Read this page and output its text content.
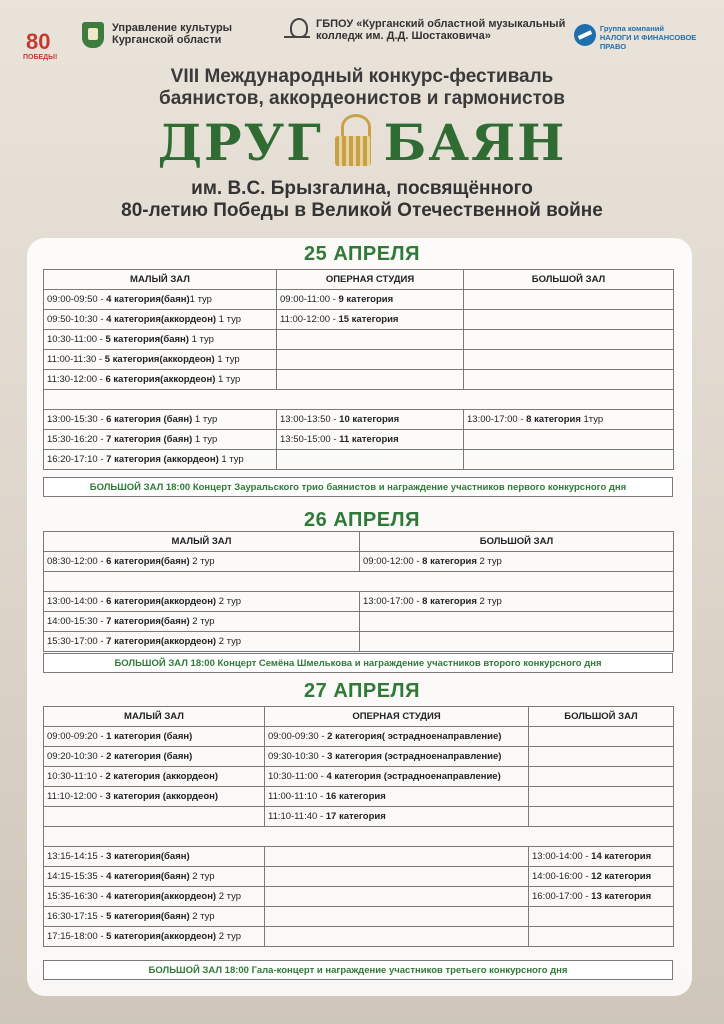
80
ПОБЕДЫ!
Управление культуры
Курганской области
ГБПОУ «Курганский областной музыкальный
колледж им. Д.Д. Шостаковича»
Группа компаний
НАЛОГИ И ФИНАНСОВОЕ ПРАВО
VIII Международный конкурс-фестиваль
баянистов, аккордеонистов и гармонистов
ДРУГ БАЯН
им. В.С. Брызгалина, посвящённого
80-летию Победы в Великой Отечественной войне
25 АПРЕЛЯ
МАЛЫЙ ЗАЛ	ОПЕРНАЯ СТУДИЯ	БОЛЬШОЙ ЗАЛ
09:00-09:50 - 4 категория(баян)1 тур	09:00-11:00 - 9 категория	
09:50-10:30 - 4 категория(аккордеон) 1 тур	11:00-12:00 - 15 категория	
10:30-11:00 - 5 категория(баян) 1 тур		
11:00-11:30 - 5 категория(аккордеон) 1 тур		
11:30-12:00 - 6 категория(аккордеон) 1 тур		

13:00-15:30 - 6 категория (баян) 1 тур	13:00-13:50 - 10 категория	13:00-17:00 - 8 категория 1тур
15:30-16:20 - 7 категория (баян) 1 тур	13:50-15:00 - 11 категория	
16:20-17:10 - 7 категория (аккордеон) 1 тур		
БОЛЬШОЙ ЗАЛ 18:00 Концерт Зауральского трио баянистов и награждение участников первого конкурсного дня
26 АПРЕЛЯ
МАЛЫЙ ЗАЛ	БОЛЬШОЙ ЗАЛ
08:30-12:00 - 6 категория(баян) 2 тур	09:00-12:00 - 8 категория 2 тур

13:00-14:00 - 6 категория(аккордеон) 2 тур	13:00-17:00 - 8 категория 2 тур
14:00-15:30 - 7 категория(баян) 2 тур	
15:30-17:00 - 7 категория(аккордеон) 2 тур	
БОЛЬШОЙ ЗАЛ 18:00 Концерт Семёна Шмелькова и награждение участников второго конкурсного дня
27 АПРЕЛЯ
МАЛЫЙ ЗАЛ	ОПЕРНАЯ СТУДИЯ	БОЛЬШОЙ ЗАЛ
09:00-09:20 - 1 категория (баян)	09:00-09:30 - 2 категория( эстрадноенаправление)	
09:20-10:30 - 2 категория (баян)	09:30-10:30 - 3 категория (эстрадноенаправление)	
10:30-11:10 - 2 категория (аккордеон)	10:30-11:00 - 4 категория (эстрадноенаправление)	
11:10-12:00 - 3 категория (аккордеон)	11:00-11:10 - 16 категория	
	11:10-11:40 - 17 категория	

13:15-14:15 - 3 категория(баян)		13:00-14:00 - 14 категория
14:15-15:35 - 4 категория(баян) 2 тур		14:00-16:00 - 12 категория
15:35-16:30 - 4 категория(аккордеон) 2 тур		16:00-17:00 - 13 категория
16:30-17:15 - 5 категория(баян) 2 тур		
17:15-18:00 - 5 категория(аккордеон) 2 тур		
БОЛЬШОЙ ЗАЛ 18:00 Гала-концерт и награждение участников третьего конкурсного дня
